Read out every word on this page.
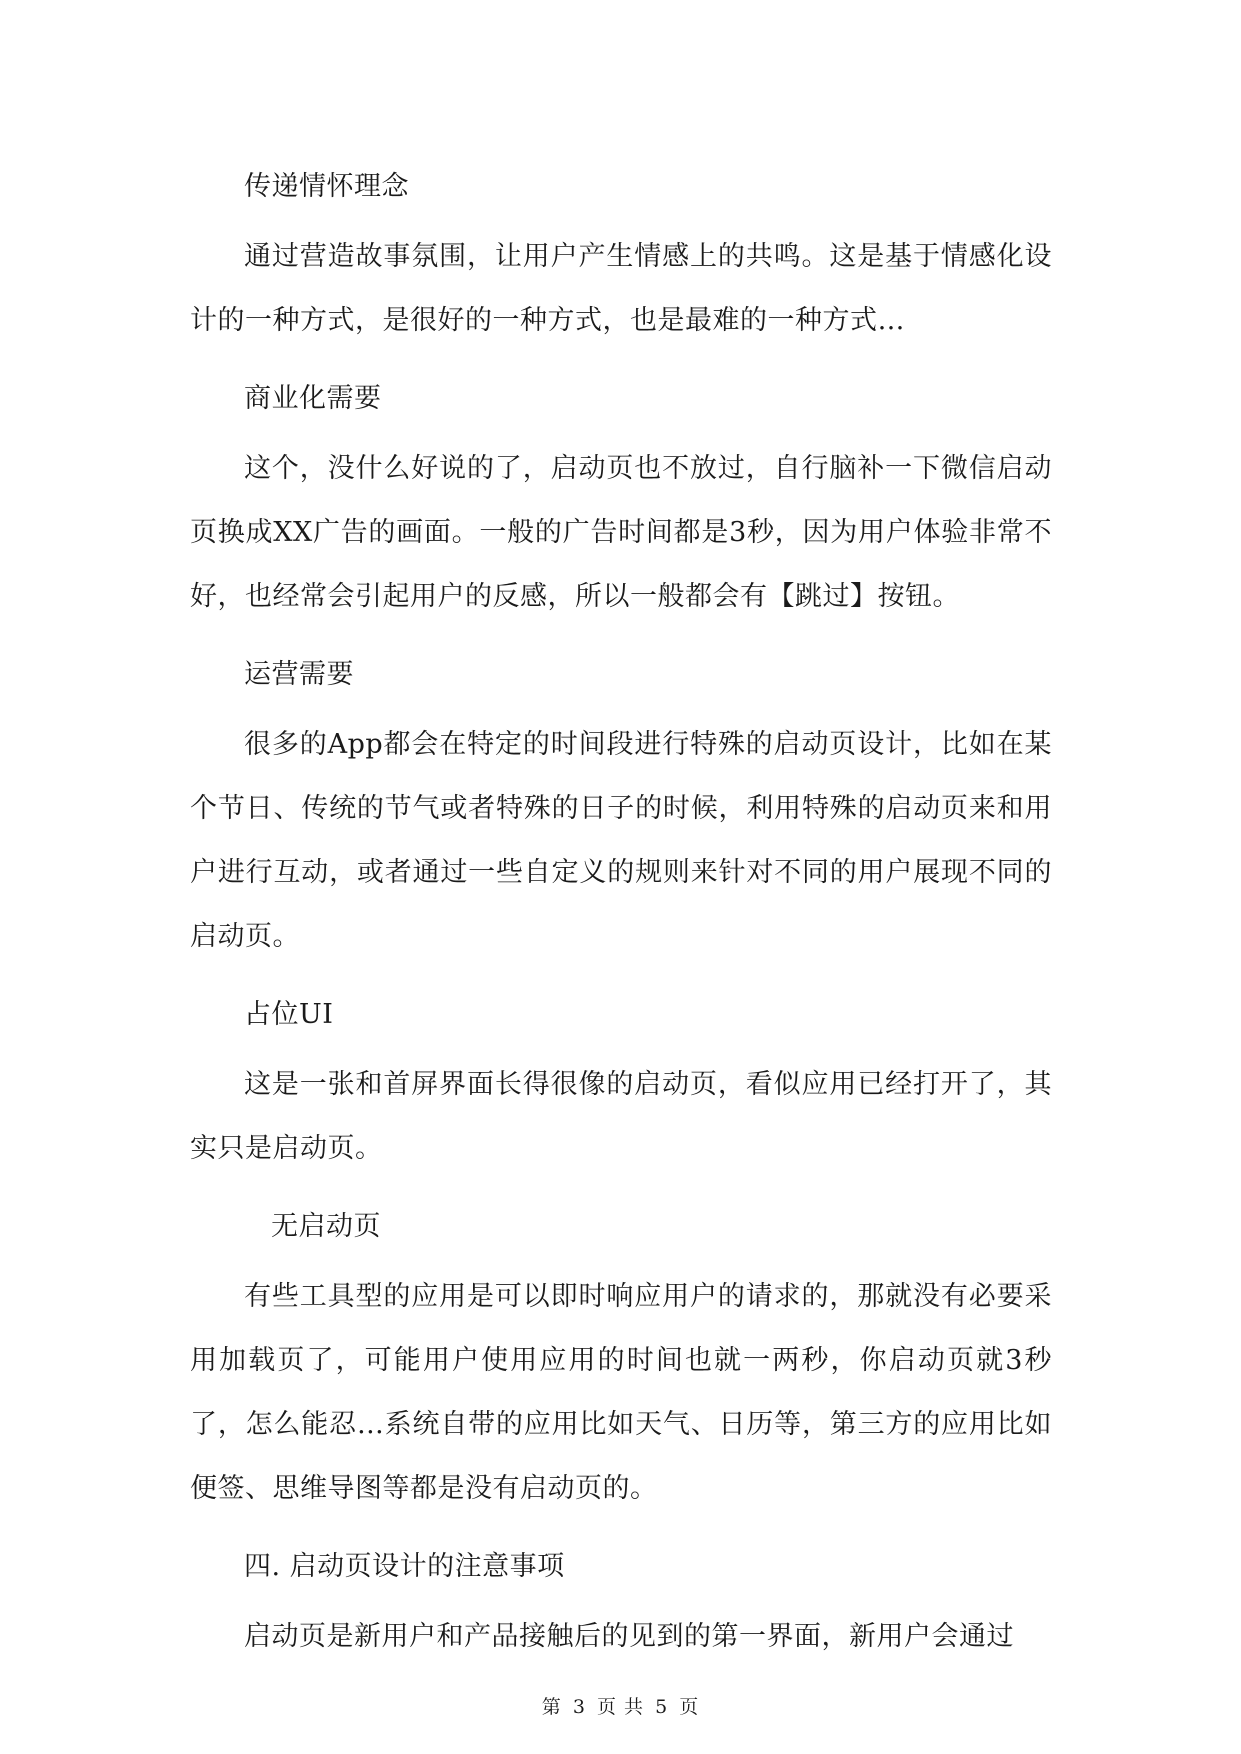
传递情怀理念

通过营造故事氛围，让用户产生情感上的共鸣。这是基于情感化设计的一种方式，是很好的一种方式，也是最难的一种方式…

商业化需要

这个，没什么好说的了，启动页也不放过，自行脑补一下微信启动页换成XX广告的画面。一般的广告时间都是3秒，因为用户体验非常不好，也经常会引起用户的反感，所以一般都会有【跳过】按钮。

运营需要

很多的App都会在特定的时间段进行特殊的启动页设计，比如在某个节日、传统的节气或者特殊的日子的时候，利用特殊的启动页来和用户进行互动，或者通过一些自定义的规则来针对不同的用户展现不同的启动页。

占位UI

这是一张和首屏界面长得很像的启动页，看似应用已经打开了，其实只是启动页。

无启动页

有些工具型的应用是可以即时响应用户的请求的，那就没有必要采用加载页了，可能用户使用应用的时间也就一两秒，你启动页就3秒了，怎么能忍…系统自带的应用比如天气、日历等，第三方的应用比如便签、思维导图等都是没有启动页的。

四. 启动页设计的注意事项

启动页是新用户和产品接触后的见到的第一界面，新用户会通过

第 3 页 共 5 页
